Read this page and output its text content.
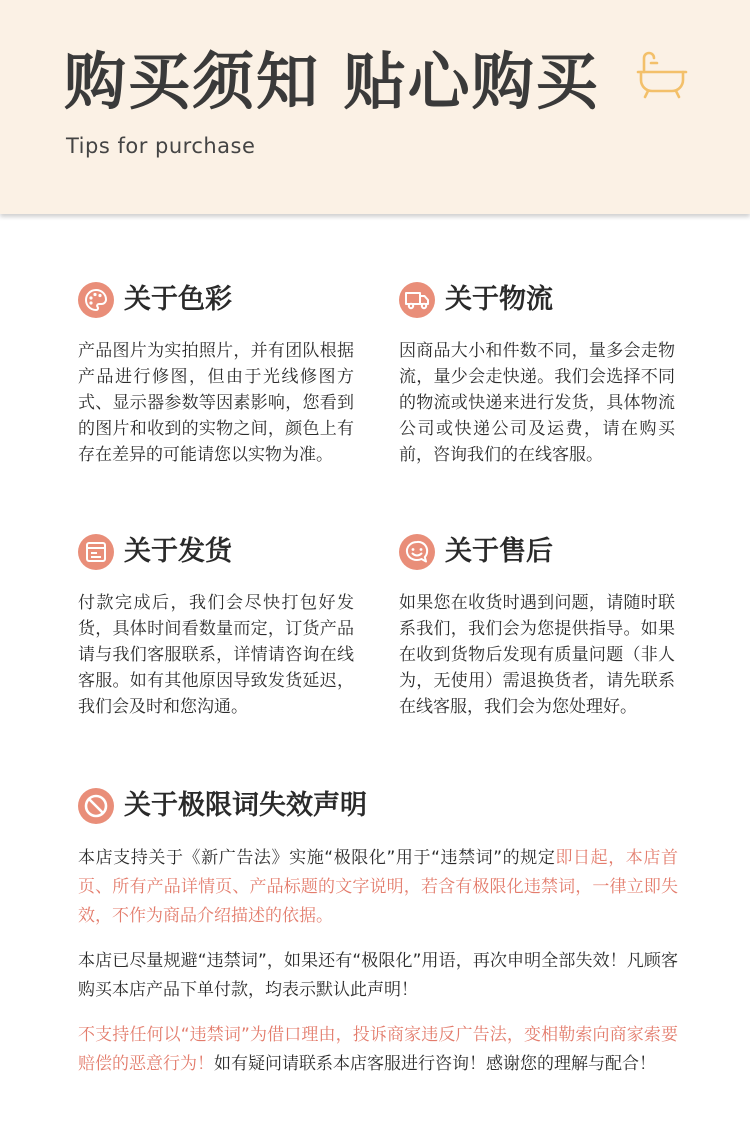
购买须知 贴心购买
Tips for purchase
关于色彩
产品图片为实拍照片，并有团队根据产品进行修图，但由于光线修图方式、显示器参数等因素影响，您看到的图片和收到的实物之间，颜色上有存在差异的可能请您以实物为准。
关于物流
因商品大小和件数不同，量多会走物流，量少会走快递。我们会选择不同的物流或快递来进行发货，具体物流公司或快递公司及运费，请在购买前，咨询我们的在线客服。
关于发货
付款完成后，我们会尽快打包好发货，具体时间看数量而定，订货产品请与我们客服联系，详情请咨询在线客服。如有其他原因导致发货延迟，我们会及时和您沟通。
关于售后
如果您在收货时遇到问题，请随时联系我们，我们会为您提供指导。如果在收到货物后发现有质量问题（非人为，无使用）需退换货者，请先联系在线客服，我们会为您处理好。
关于极限词失效声明
本店支持关于《新广告法》实施“极限化”用于“违禁词”的规定即日起，本店首页、所有产品详情页、产品标题的文字说明，若含有极限化违禁词，一律立即失效，不作为商品介绍描述的依据。
本店已尽量规避“违禁词”，如果还有“极限化”用语，再次申明全部失效！凡顾客购买本店产品下单付款，均表示默认此声明！
不支持任何以“违禁词”为借口理由，投诉商家违反广告法，变相勒索向商家索要赔偿的恶意行为！如有疑问请联系本店客服进行咨询！感谢您的理解与配合！
